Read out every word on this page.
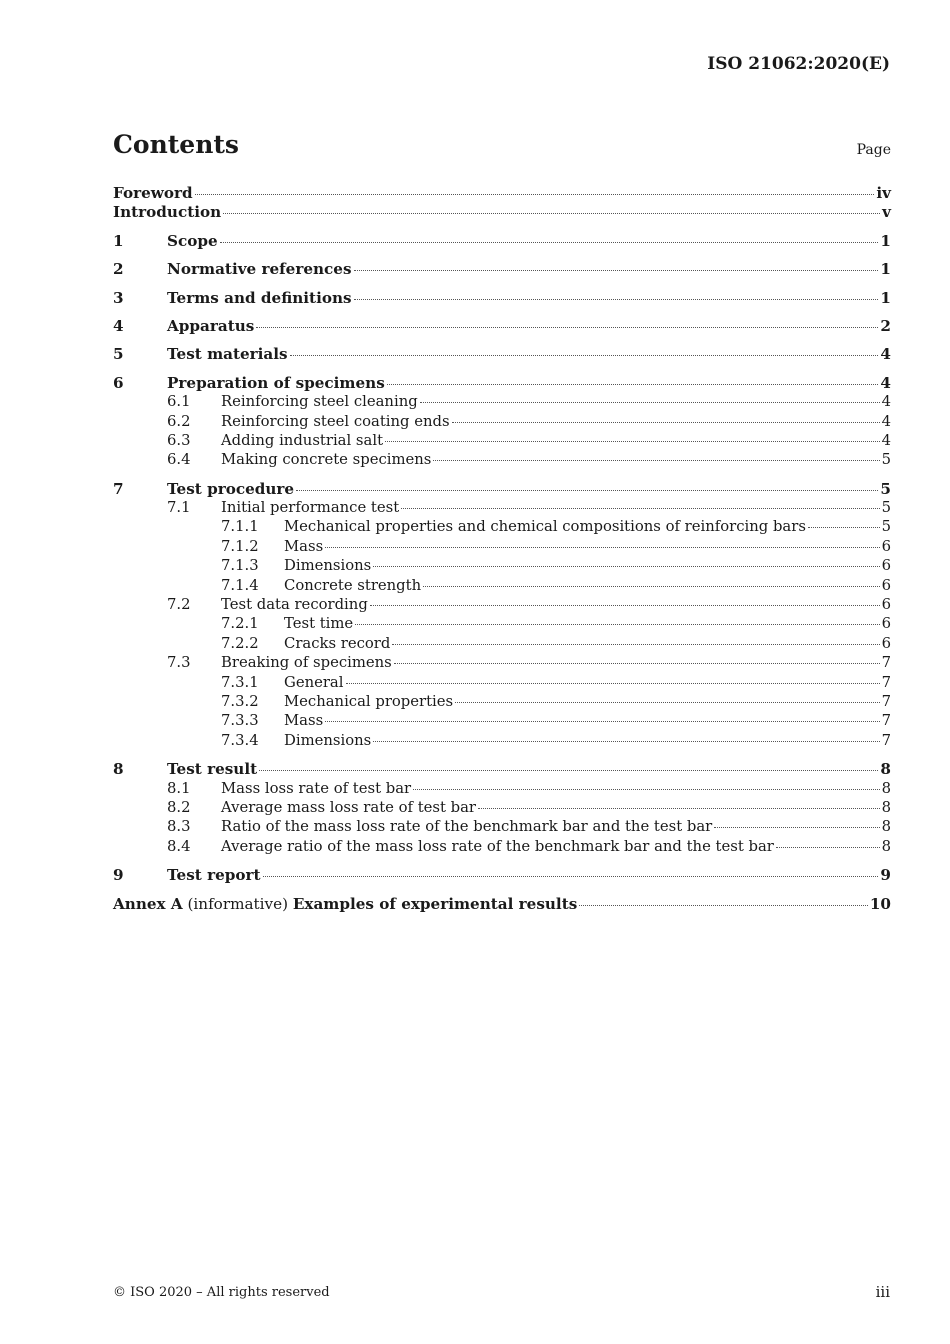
ISO 21062:2020(E)
Contents	Page
Foreword	iv
Introduction	v
1	Scope	1
2	Normative references	1
3	Terms and definitions	1
4	Apparatus	2
5	Test materials	4
6	Preparation of specimens	4
6.1	Reinforcing steel cleaning	4
6.2	Reinforcing steel coating ends	4
6.3	Adding industrial salt	4
6.4	Making concrete specimens	5
7	Test procedure	5
7.1	Initial performance test	5
7.1.1	Mechanical properties and chemical compositions of reinforcing bars	5
7.1.2	Mass	6
7.1.3	Dimensions	6
7.1.4	Concrete strength	6
7.2	Test data recording	6
7.2.1	Test time	6
7.2.2	Cracks record	6
7.3	Breaking of specimens	7
7.3.1	General	7
7.3.2	Mechanical properties	7
7.3.3	Mass	7
7.3.4	Dimensions	7
8	Test result	8
8.1	Mass loss rate of test bar	8
8.2	Average mass loss rate of test bar	8
8.3	Ratio of the mass loss rate of the benchmark bar and the test bar	8
8.4	Average ratio of the mass loss rate of the benchmark bar and the test bar	8
9	Test report	9
Annex A (informative) Examples of experimental results	10
© ISO 2020 – All rights reserved	iii
